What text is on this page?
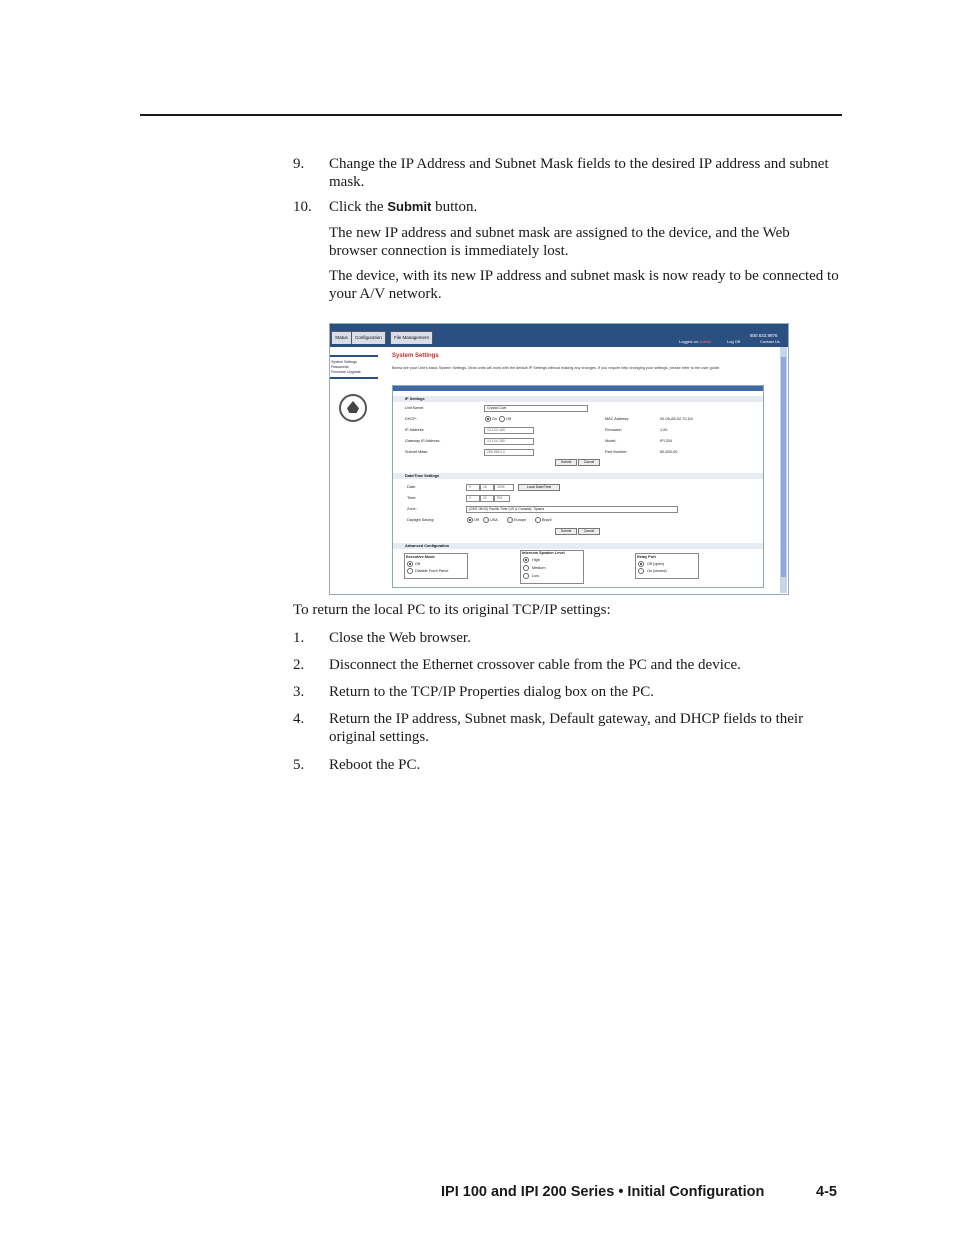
9. Change the IP Address and Subnet Mask fields to the desired IP address and subnet mask.
10. Click the Submit button.
The new IP address and subnet mask are assigned to the device, and the Web browser connection is immediately lost.
The device, with its new IP address and subnet mask is now ready to be connected to your A/V network.
Status	Configuration	File Management	800.633.9876
Logged on: Admin	Log Off	Contact Us
System Settings
Passwords
Firmware Upgrade
System Settings
Below are your Unit's basic System Settings. Most units will work with the default IP Settings without making any changes. If you require help changing your settings, please refer to the user guide.
IP Settings
Unit Name:	Crystal Cove
DHCP:	On Off
IP Address:	10.13.0.180
Gateway IP Address:	10.13.0.180
Subnet Mask:	255.255.0.0
MAC Address:	00-05-A6-02-70-D4
Firmware:	1.00
Model:	IPI 204
Part Number:	60-830-00
Submit	Cancel
Date/Time Settings
Date:	9	16	2005	Local Date/Time
Time:	2	32	PM
Zone:	(GMT-08:00) Pacific Time (US & Canada); Tijuana
Daylight Saving:	Off	USA	Europe	Brazil
Submit	Cancel
Advanced Configuration
Executive Mode
Off
Disable Front Panel
Intercom Speaker Level
High
Medium
Low
Relay Port
Off (open)
On (closed)
To return the local PC to its original TCP/IP settings:
1. Close the Web browser.
2. Disconnect the Ethernet crossover cable from the PC and the device.
3. Return to the TCP/IP Properties dialog box on the PC.
4. Return the IP address, Subnet mask, Default gateway, and DHCP fields to their original settings.
5. Reboot the PC.
IPI 100 and IPI 200 Series • Initial Configuration	4-5
